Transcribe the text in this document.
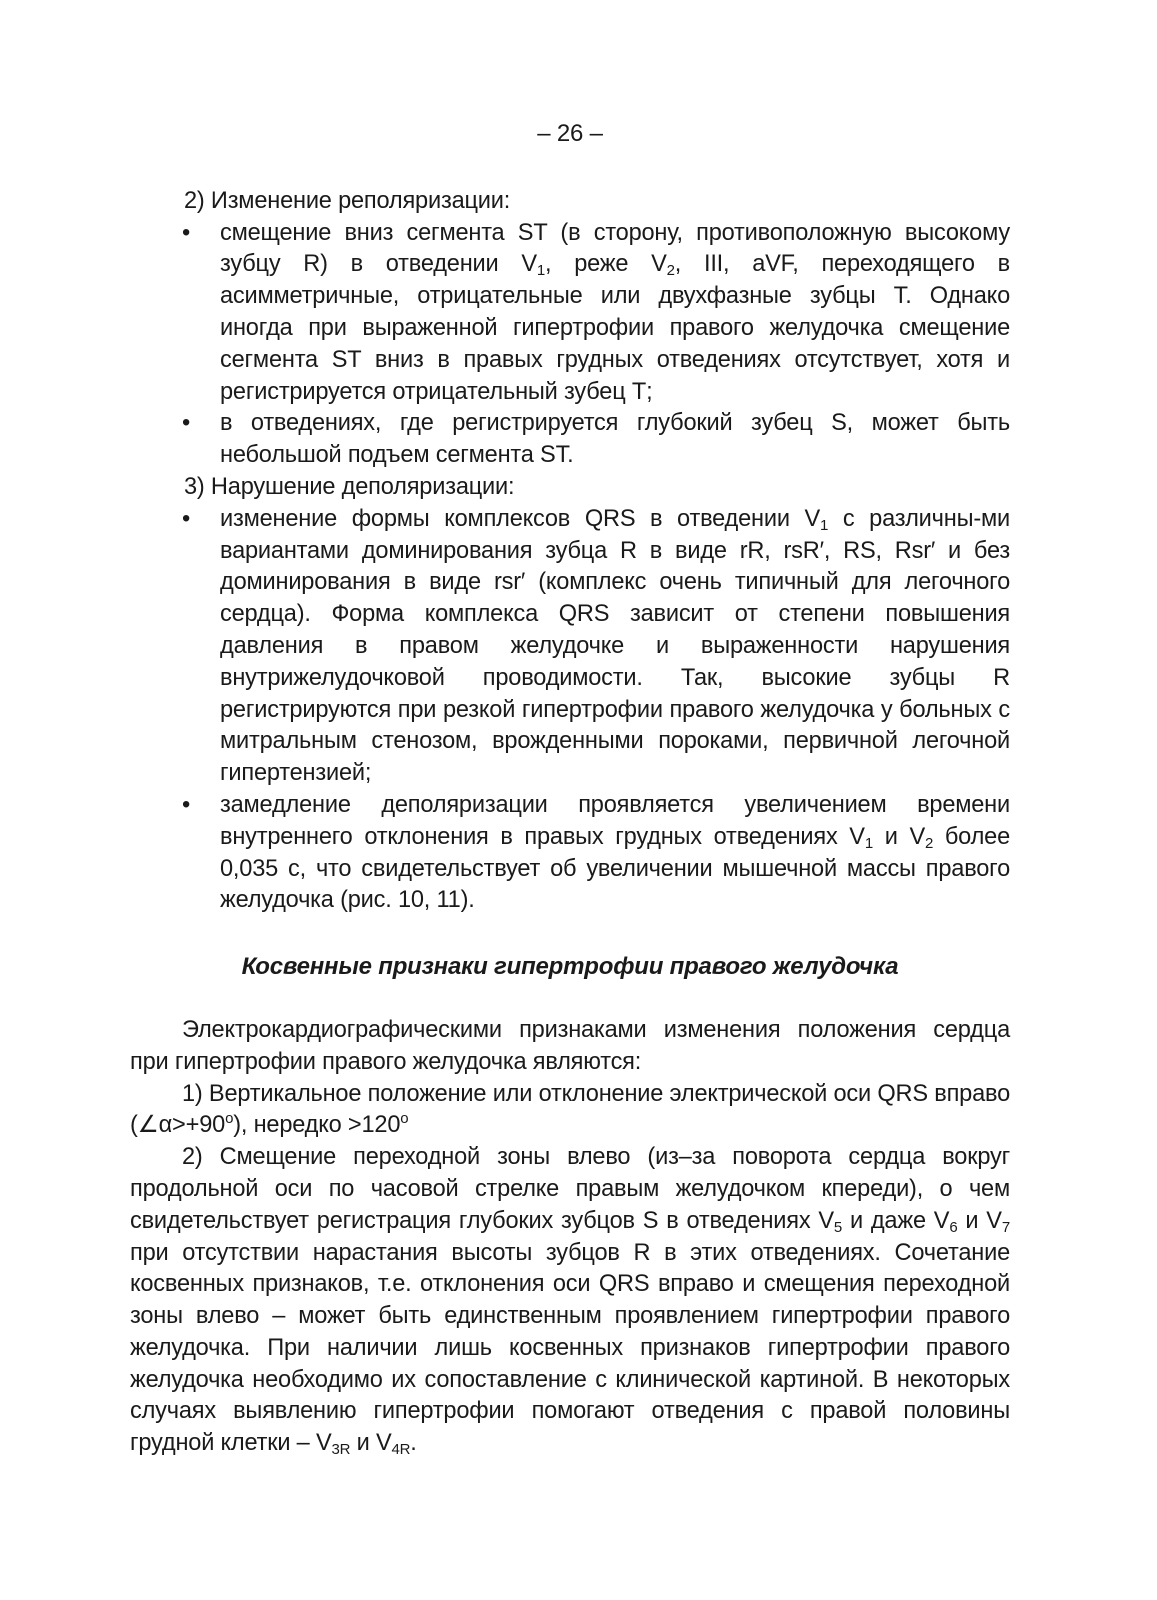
– 26 –

2) Изменение реполяризации:

• смещение вниз сегмента ST (в сторону, противоположную высокому зубцу R) в отведении $V_1$, реже $V_2$, III, aVF, переходящего в асимметричные, отрицательные или двухфазные зубцы Т. Однако иногда при выраженной гипертрофии правого желудочка смещение сегмента ST вниз в правых грудных отведениях отсутствует, хотя и регистрируется отрицательный зубец Т;
• в отведениях, где регистрируется глубокий зубец S, может быть небольшой подъем сегмента ST.

3) Нарушение деполяризации:

• изменение формы комплексов QRS в отведении $V_1$ с различны-ми вариантами доминирования зубца R в виде rR, rsR′, RS, Rsr′ и без доминирования в виде rsr′ (комплекс очень типичный для легочного сердца). Форма комплекса QRS зависит от степени повышения давления в правом желудочке и выраженности нарушения внутрижелудочковой проводимости. Так, высокие зубцы R регистрируются при резкой гипертрофии правого желудочка у больных с митральным стенозом, врожденными пороками, первичной легочной гипертензией;
• замедление деполяризации проявляется увеличением времени внутреннего отклонения в правых грудных отведениях $V_1$ и $V_2$ более 0,035 с, что свидетельствует об увеличении мышечной массы правого желудочка (рис. 10, 11).
Косвенные признаки гипертрофии правого желудочка

Электрокардиографическими признаками изменения положения сердца при гипертрофии правого желудочка являются:

1) Вертикальное положение или отклонение электрической оси QRS вправо $(\angle\alpha>+90^o)$, нередко $>120^o$

2) Смещение переходной зоны влево (из–за поворота сердца вокруг продольной оси по часовой стрелке правым желудочком кпереди), о чем свидетельствует регистрация глубоких зубцов S в отведениях $V_5$ и даже $V_6$ и $V_7$ при отсутствии нарастания высоты зубцов R в этих отведениях. Сочетание косвенных признаков, т.е. отклонения оси QRS вправо и смещения переходной зоны влево – может быть единственным проявлением гипертрофии правого желудочка. При наличии лишь косвенных признаков гипертрофии правого желудочка необходимо их сопоставление с клинической картиной. В некоторых случаях выявлению гипертрофии помогают отведения с правой половины грудной клетки – $V_{3R}$ и $V_{4R}$.
